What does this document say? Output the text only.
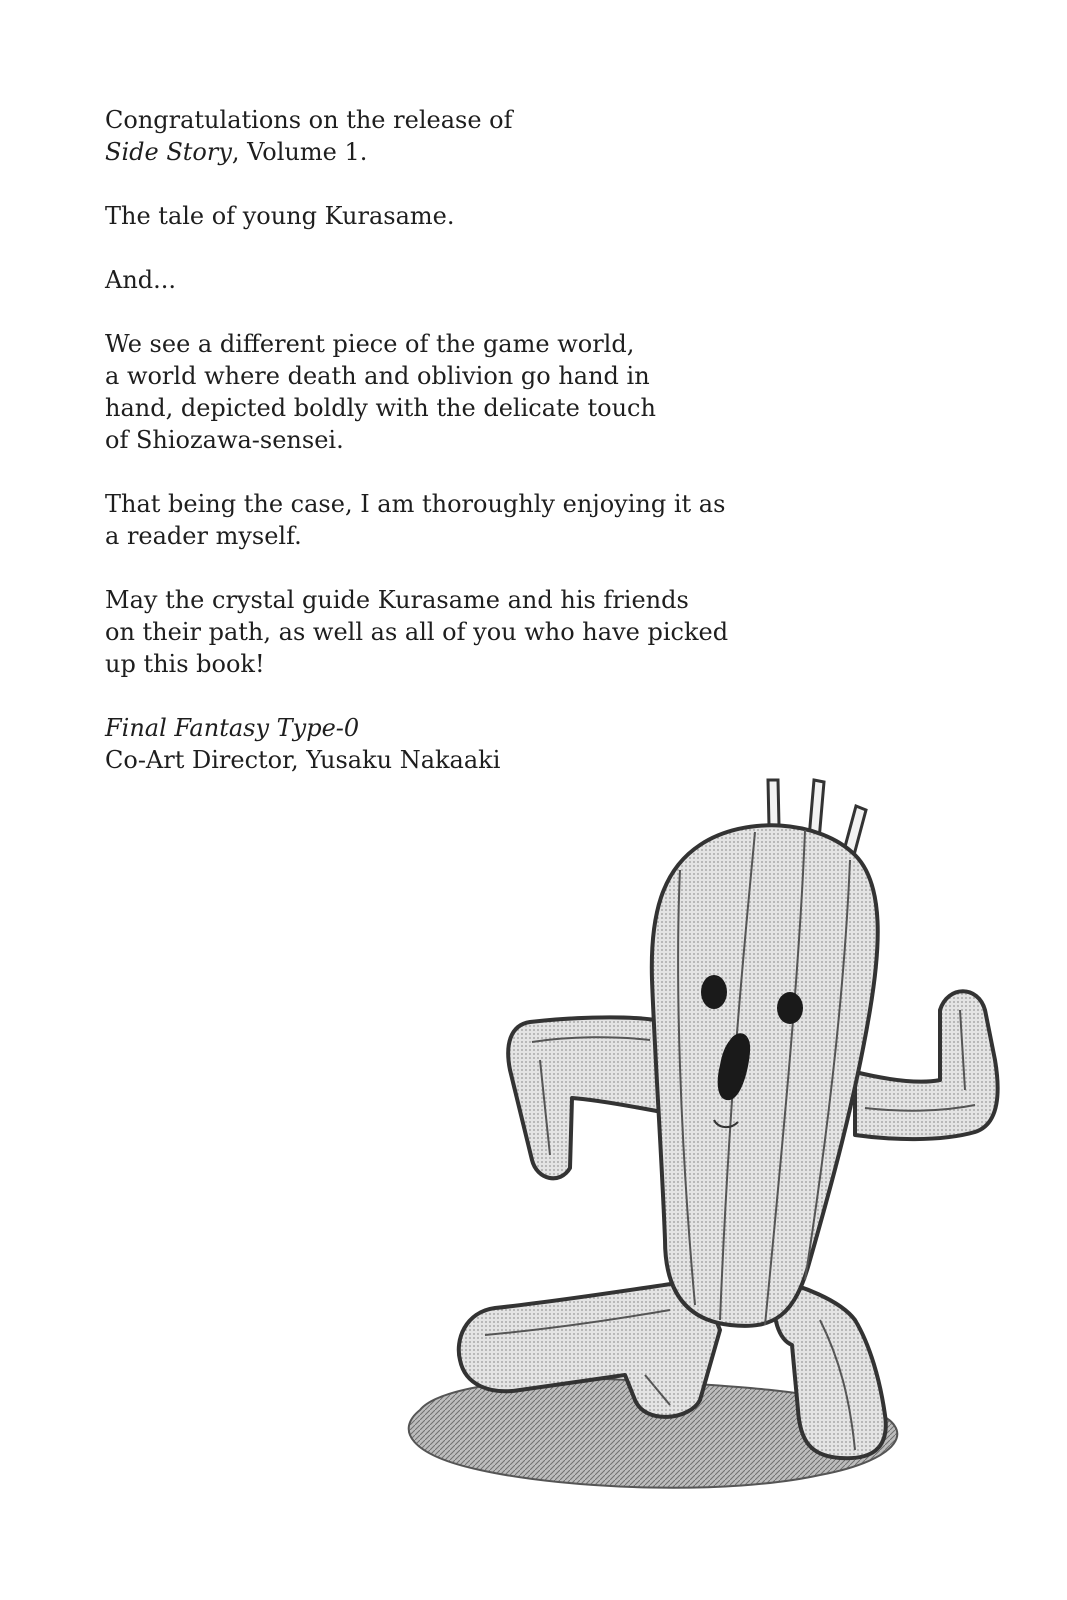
Congratulations on the release of
Side Story, Volume 1.

The tale of young Kurasame.

And...

We see a different piece of the game world,
a world where death and oblivion go hand in
hand, depicted boldly with the delicate touch
of Shiozawa-sensei.

That being the case, I am thoroughly enjoying it as
a reader myself.

May the crystal guide Kurasame and his friends
on their path, as well as all of you who have picked
up this book!

Final Fantasy Type-0
Co-Art Director, Yusaku Nakaaki
